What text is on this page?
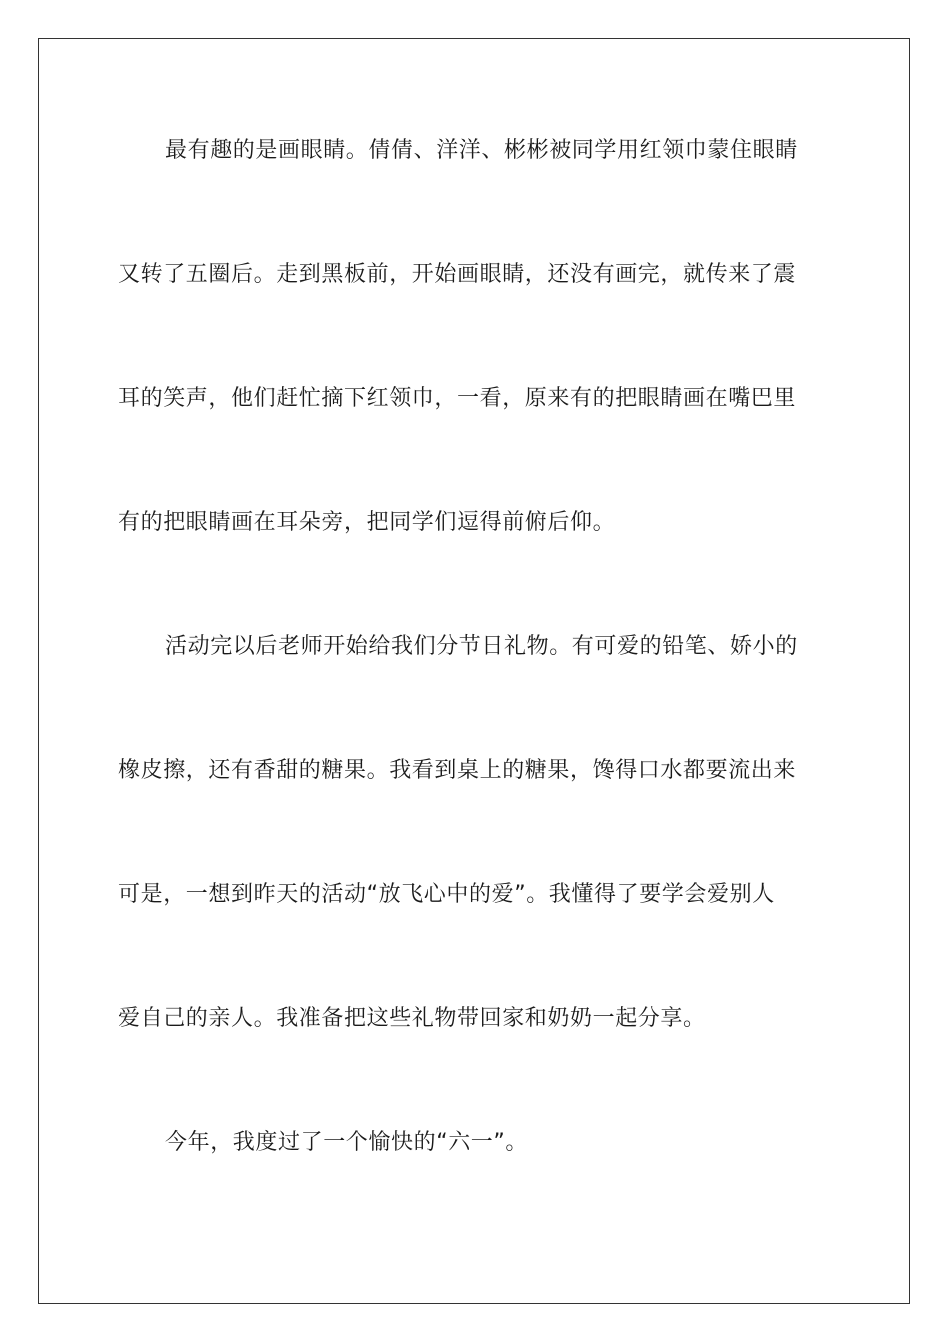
最有趣的是画眼睛。倩倩、洋洋、彬彬被同学用红领巾蒙住眼睛

又转了五圈后。走到黑板前，开始画眼睛，还没有画完，就传来了震

耳的笑声，他们赶忙摘下红领巾，一看，原来有的把眼睛画在嘴巴里

有的把眼睛画在耳朵旁，把同学们逗得前俯后仰。

活动完以后老师开始给我们分节日礼物。有可爱的铅笔、娇小的

橡皮擦，还有香甜的糖果。我看到桌上的糖果，馋得口水都要流出来

可是，一想到昨天的活动“放飞心中的爱”。我懂得了要学会爱别人

爱自己的亲人。我准备把这些礼物带回家和奶奶一起分享。

今年，我度过了一个愉快的“六一”。
